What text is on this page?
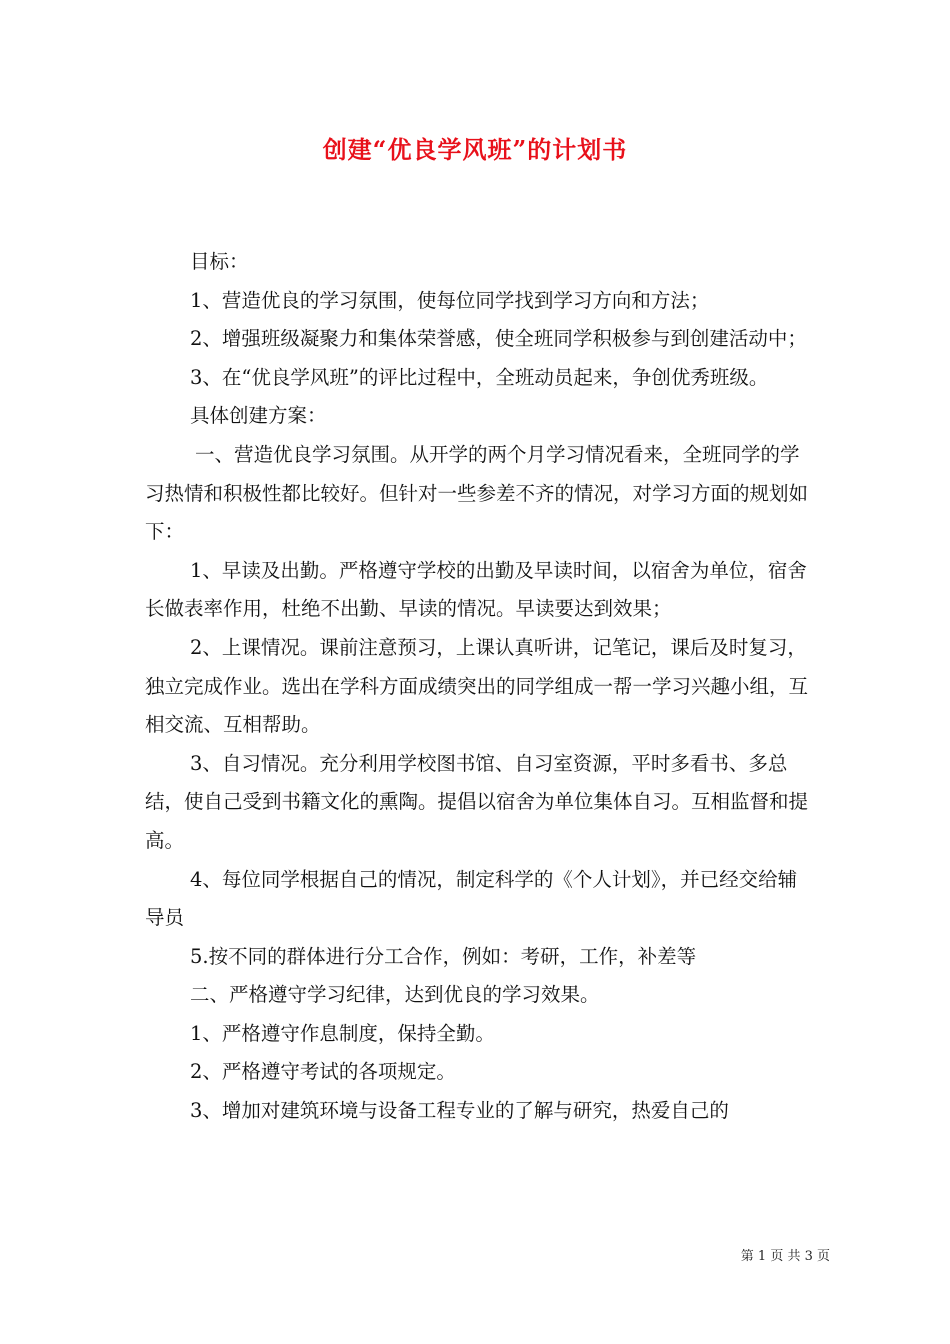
创建“优良学风班”的计划书

目标：

1、营造优良的学习氛围，使每位同学找到学习方向和方法；

2、增强班级凝聚力和集体荣誉感，使全班同学积极参与到创建活动中；

3、在“优良学风班”的评比过程中，全班动员起来，争创优秀班级。

具体创建方案：

一、营造优良学习氛围。从开学的两个月学习情况看来，全班同学的学习热情和积极性都比较好。但针对一些参差不齐的情况，对学习方面的规划如下：

1、早读及出勤。严格遵守学校的出勤及早读时间，以宿舍为单位，宿舍长做表率作用，杜绝不出勤、早读的情况。早读要达到效果；

2、上课情况。课前注意预习，上课认真听讲，记笔记，课后及时复习，独立完成作业。选出在学科方面成绩突出的同学组成一帮一学习兴趣小组，互相交流、互相帮助。

3、自习情况。充分利用学校图书馆、自习室资源，平时多看书、多总结，使自己受到书籍文化的熏陶。提倡以宿舍为单位集体自习。互相监督和提高。

4、每位同学根据自己的情况，制定科学的《个人计划》，并已经交给辅导员

5.按不同的群体进行分工合作，例如：考研，工作，补差等

二、严格遵守学习纪律，达到优良的学习效果。

1、严格遵守作息制度，保持全勤。

2、严格遵守考试的各项规定。

3、增加对建筑环境与设备工程专业的了解与研究，热爱自己的

第 1 页 共 3 页
